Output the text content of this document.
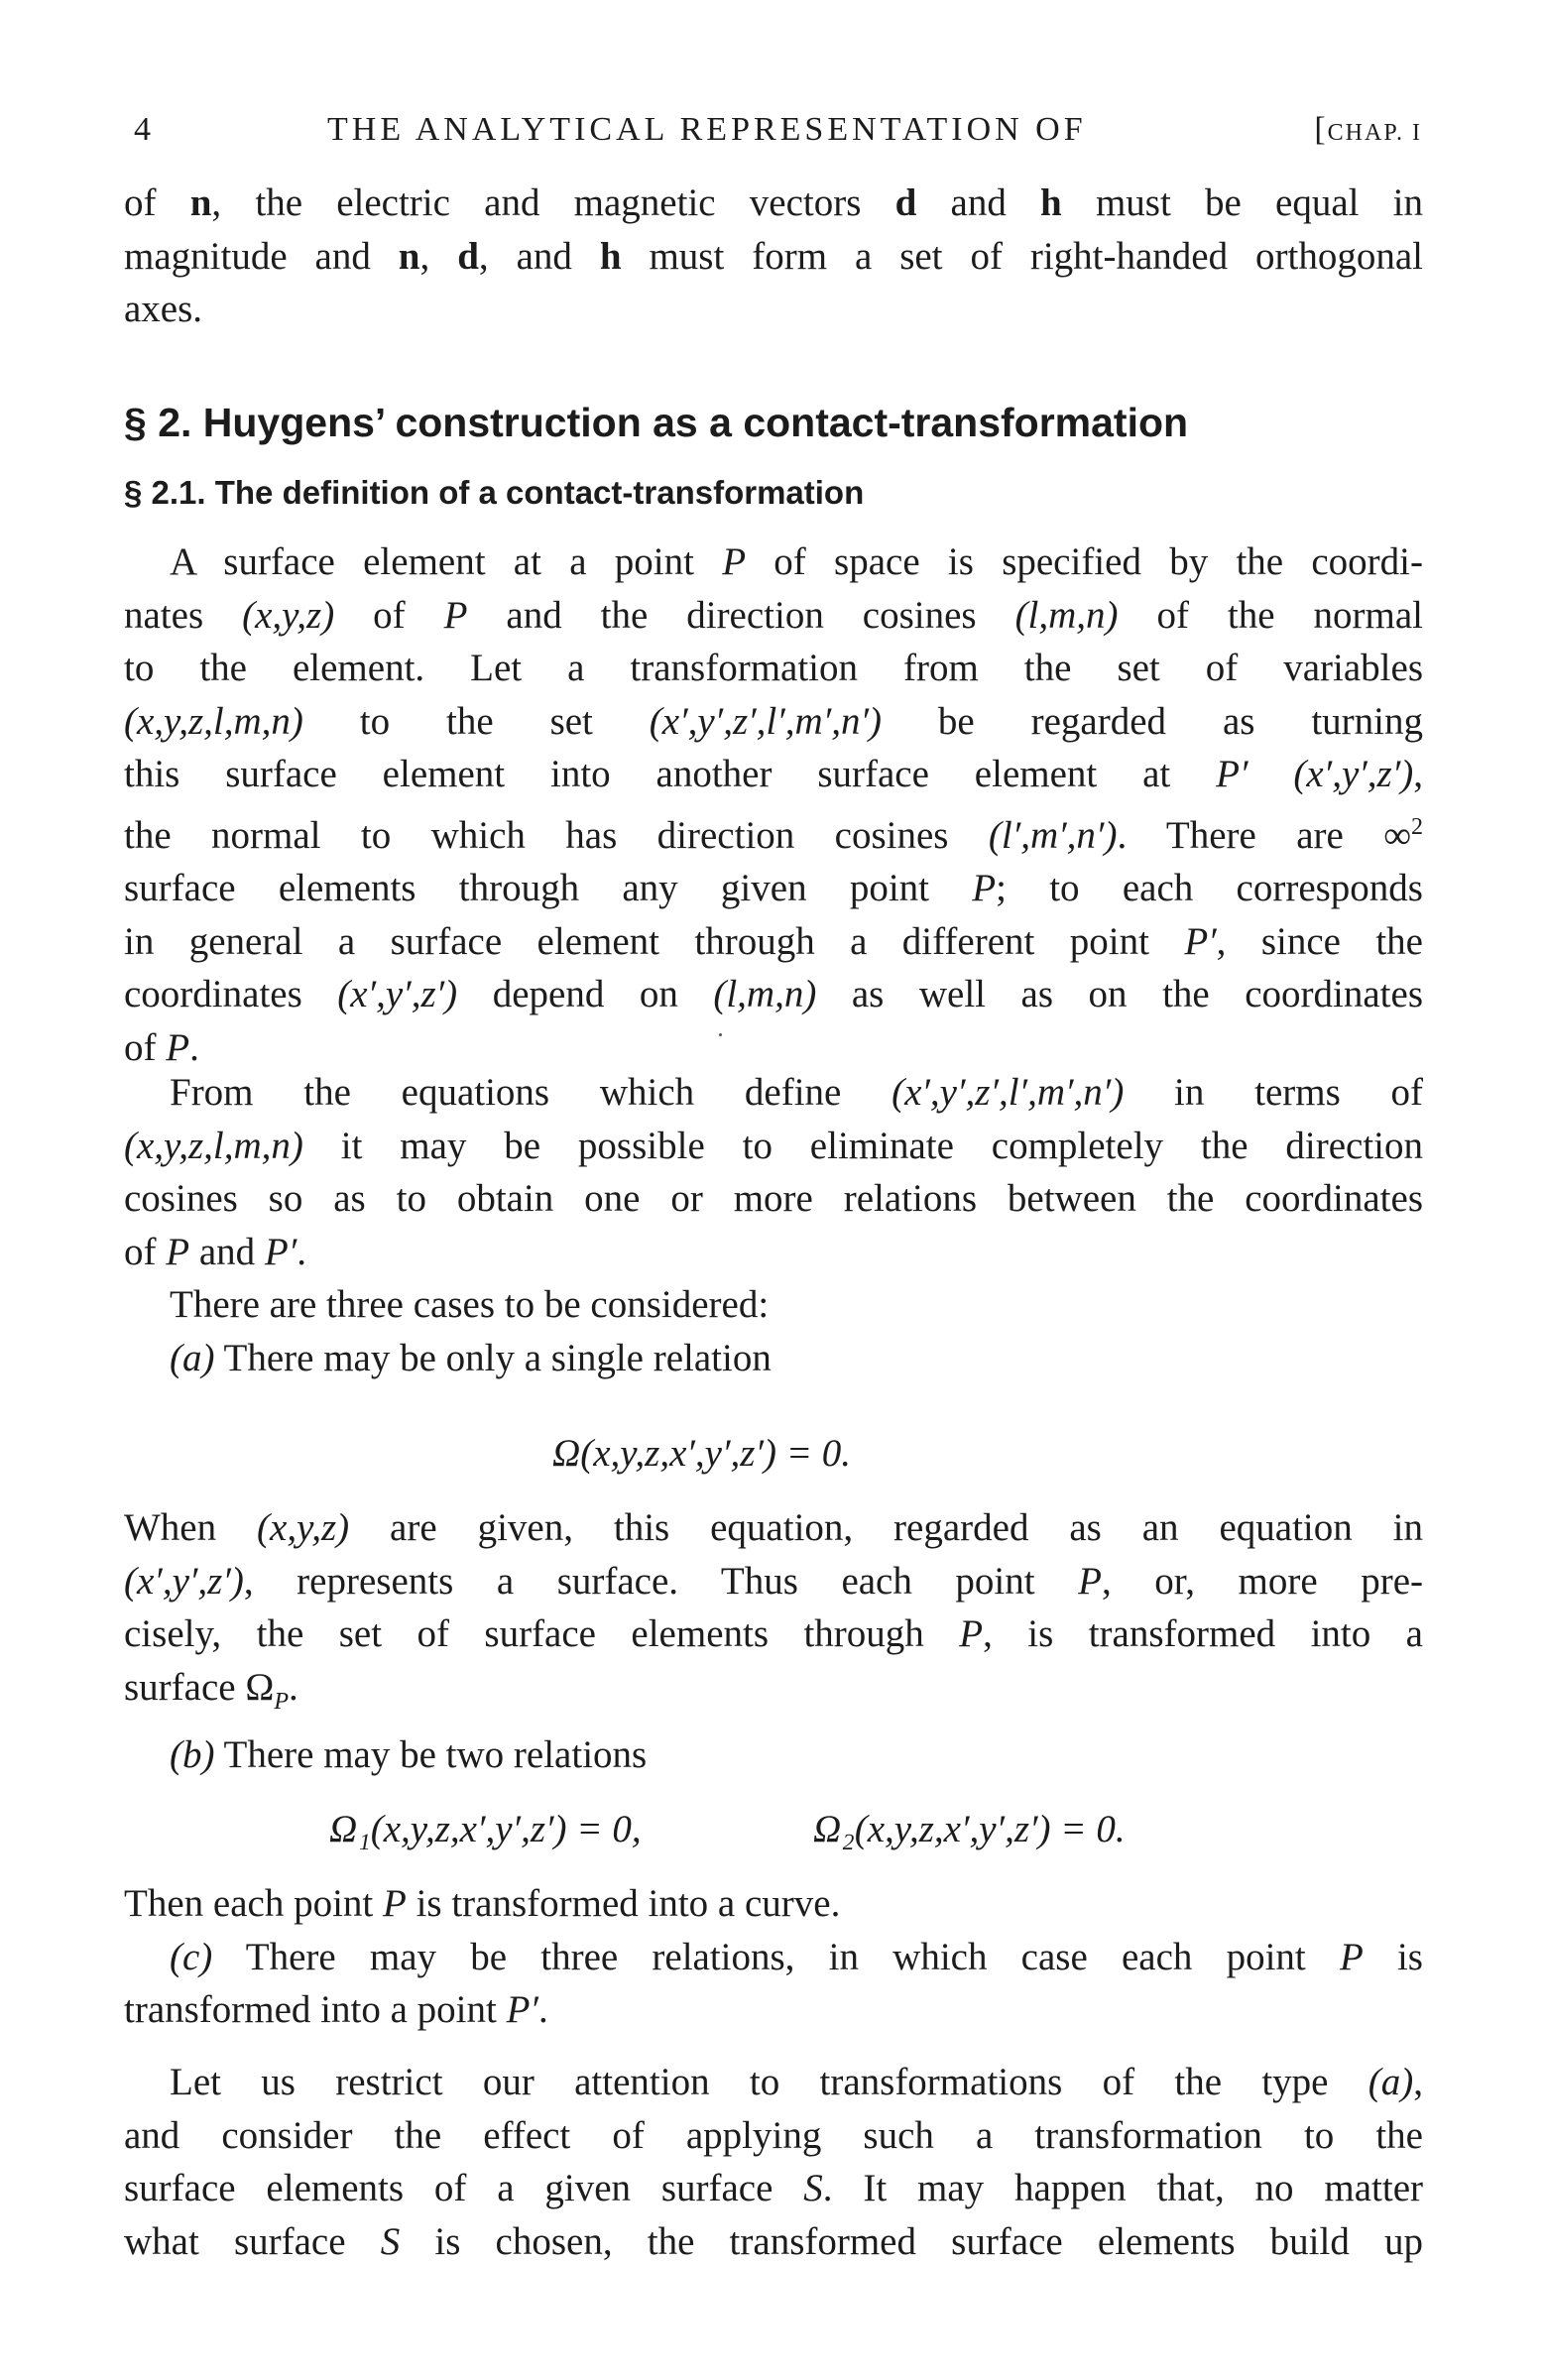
4	THE ANALYTICAL REPRESENTATION OF	[CHAP. I
of n, the electric and magnetic vectors d and h must be equal in
magnitude and n, d, and h must form a set of right-handed orthogonal
axes.
§ 2. Huygens’ construction as a contact-transformation
§ 2.1. The definition of a contact-transformation
A surface element at a point P of space is specified by the coordi-
nates (x,y,z) of P and the direction cosines (l,m,n) of the normal
to the element. Let a transformation from the set of variables
(x,y,z,l,m,n) to the set (x′,y′,z′,l′,m′,n′) be regarded as turning
this surface element into another surface element at P′ (x′,y′,z′),
the normal to which has direction cosines (l′,m′,n′). There are ∞$^2$
surface elements through any given point P; to each corresponds
in general a surface element through a different point P′, since the
coordinates (x′,y′,z′) depend on (l,m,n) as well as on the coordinates
of P.
From the equations which define (x′,y′,z′,l′,m′,n′) in terms of
(x,y,z,l,m,n) it may be possible to eliminate completely the direction
cosines so as to obtain one or more relations between the coordinates
of P and P′.
There are three cases to be considered:
(a) There may be only a single relation
Ω(x,y,z,x′,y′,z′) = 0.
When (x,y,z) are given, this equation, regarded as an equation in
(x′,y′,z′), represents a surface. Thus each point P, or, more pre-
cisely, the set of surface elements through P, is transformed into a
surface $\Omega_P$.
(b) There may be two relations
Ω₁(x,y,z,x′,y′,z′) = 0,	Ω₂(x,y,z,x′,y′,z′) = 0.
Then each point P is transformed into a curve.
(c) There may be three relations, in which case each point P is
transformed into a point P′.
Let us restrict our attention to transformations of the type (a),
and consider the effect of applying such a transformation to the
surface elements of a given surface S. It may happen that, no matter
what surface S is chosen, the transformed surface elements build up
